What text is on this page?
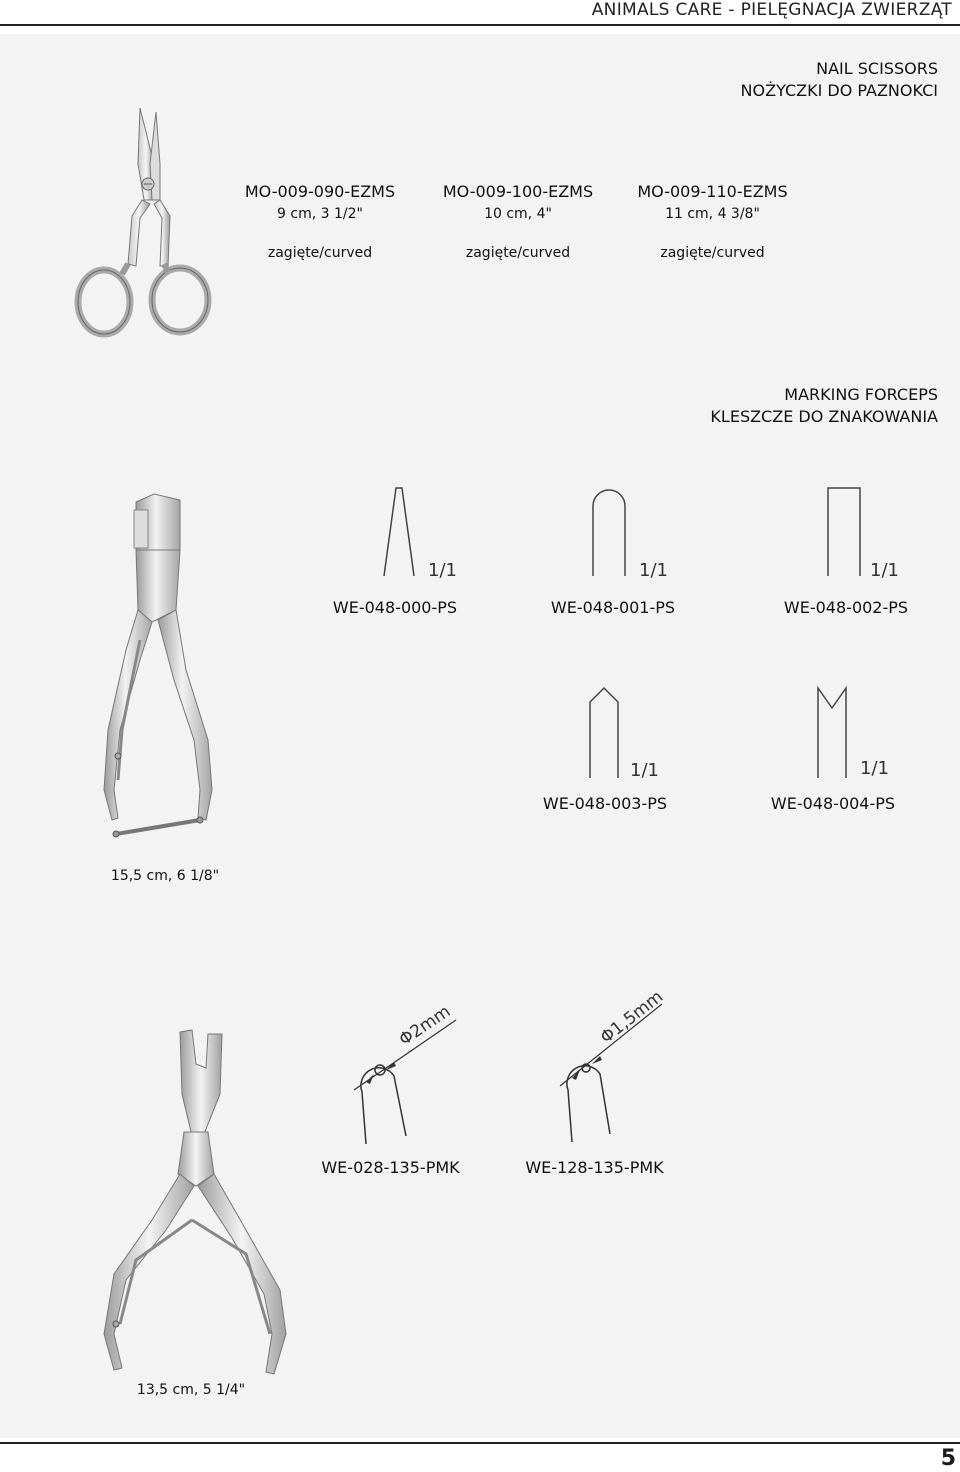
ANIMALS CARE - PIELĘGNACJA ZWIERZĄT
NAIL SCISSORS
NOŻYCZKI DO PAZNOKCI
MO-009-090-EZMS
9 cm, 3 1/2"
zagięte/curved
MO-009-100-EZMS
10 cm, 4"
zagięte/curved
MO-009-110-EZMS
11 cm, 4 3/8"
zagięte/curved
MARKING FORCEPS
KLESZCZE DO ZNAKOWANIA
1/1	1/1	1/1
WE-048-000-PS	WE-048-001-PS	WE-048-002-PS
1/1	1/1
WE-048-003-PS	WE-048-004-PS
15,5 cm, 6 1/8"
Φ2mm	Φ1,5mm
WE-028-135-PMK	WE-128-135-PMK
13,5 cm, 5 1/4"
5
